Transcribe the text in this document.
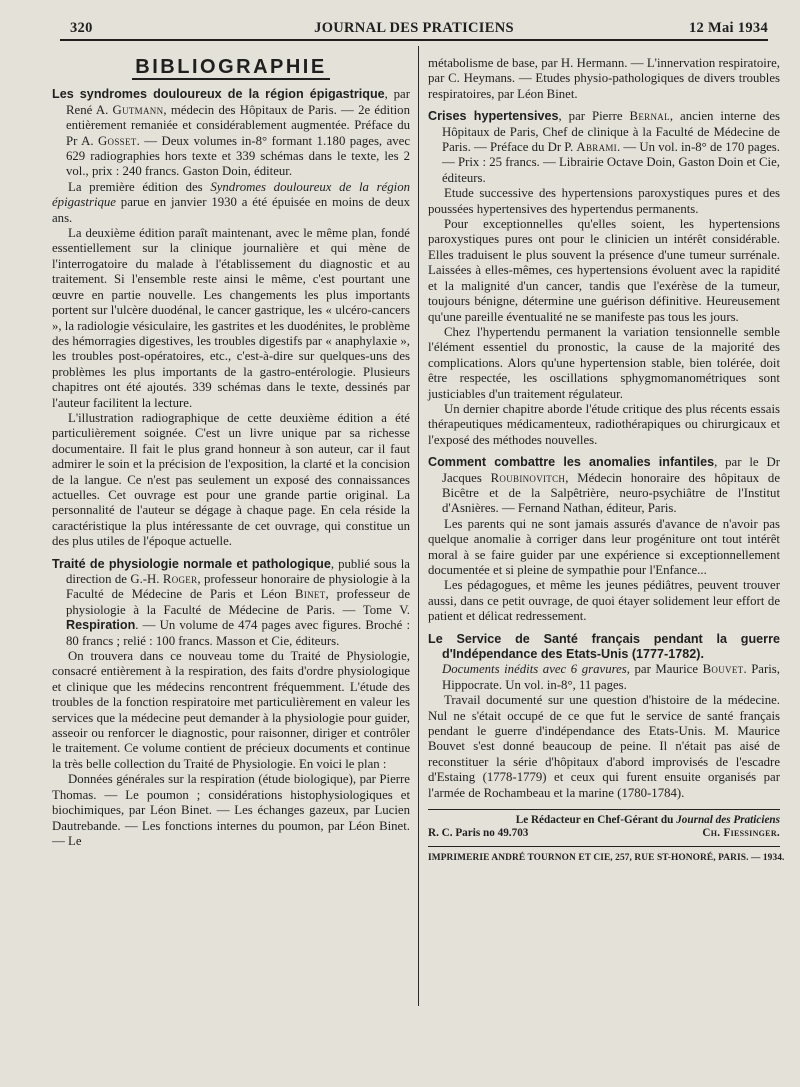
320	JOURNAL DES PRATICIENS	12 Mai 1934
BIBLIOGRAPHIE

Les syndromes douloureux de la région épigastrique, par René A. Gutmann, médecin des Hôpitaux de Paris. — 2e édition entièrement remaniée et considérablement augmentée. Préface du Pr A. Gosset. — Deux volumes in-8° formant 1.180 pages, avec 629 radiographies hors texte et 339 schémas dans le texte, les 2 vol., prix : 240 francs. Gaston Doin, éditeur.

La première édition des Syndromes douloureux de la région épigastrique parue en janvier 1930 a été épuisée en moins de deux ans.

La deuxième édition paraît maintenant, avec le même plan, fondé essentiellement sur la clinique journalière et qui mène de l'interrogatoire du malade à l'établissement du diagnostic et au traitement. Si l'ensemble reste ainsi le même, c'est pourtant une œuvre en partie nouvelle. Les changements les plus importants portent sur l'ulcère duodénal, le cancer gastrique, les « ulcéro-cancers », la radiologie vésiculaire, les gastrites et les duodénites, le problème des hémorragies digestives, les troubles digestifs par « anaphylaxie », les troubles post-opératoires, etc., c'est-à-dire sur quelques-uns des problèmes les plus importants de la gastro-entérologie. Plusieurs chapitres ont été ajoutés. 339 schémas dans le texte, dessinés par l'auteur facilitent la lecture.

L'illustration radiographique de cette deuxième édition a été particulièrement soignée. C'est un livre unique par sa richesse documentaire. Il fait le plus grand honneur à son auteur, car il faut admirer le soin et la précision de l'exposition, la clarté et la concision de la langue. Ce n'est pas seulement un exposé des connaissances actuelles. Cet ouvrage est pour une grande partie original. La personnalité de l'auteur se dégage à chaque page. En cela réside la caractéristique la plus intéressante de cet ouvrage, qui constitue un des plus utiles de l'époque actuelle.

Traité de physiologie normale et pathologique, publié sous la direction de G.-H. Roger, professeur honoraire de physiologie à la Faculté de Médecine de Paris et Léon Binet, professeur de physiologie à la Faculté de Médecine de Paris. — Tome V. Respiration. — Un volume de 474 pages avec figures. Broché : 80 francs ; relié : 100 francs. Masson et Cie, éditeurs.

On trouvera dans ce nouveau tome du Traité de Physiologie, consacré entièrement à la respiration, des faits d'ordre physiologique et clinique que les médecins rencontrent fréquemment. L'étude des troubles de la fonction respiratoire met particulièrement en valeur les services que la médecine peut demander à la physiologie pour guider, asseoir ou renforcer le diagnostic, pour raisonner, diriger et contrôler le traitement. Ce volume contient de précieux documents et continue la très belle collection du Traité de Physiologie. En voici le plan :

Données générales sur la respiration (étude biologique), par Pierre Thomas. — Le poumon ; considérations histophysiologiques et biochimiques, par Léon Binet. — Les échanges gazeux, par Lucien Dautrebande. — Les fonctions internes du poumon, par Léon Binet. — Le

métabolisme de base, par H. Hermann. — L'innervation respiratoire, par C. Heymans. — Etudes physio-pathologiques de divers troubles respiratoires, par Léon Binet.

Crises hypertensives, par Pierre Bernal, ancien interne des Hôpitaux de Paris, Chef de clinique à la Faculté de Médecine de Paris. — Préface du Dr P. Abrami. — Un vol. in-8° de 170 pages. — Prix : 25 francs. — Librairie Octave Doin, Gaston Doin et Cie, éditeurs.

Etude successive des hypertensions paroxystiques pures et des poussées hypertensives des hypertendus permanents.

Pour exceptionnelles qu'elles soient, les hypertensions paroxystiques pures ont pour le clinicien un intérêt considérable. Elles traduisent le plus souvent la présence d'une tumeur surrénale. Laissées à elles-mêmes, ces hypertensions évoluent avec la rapidité et la malignité d'un cancer, tandis que l'exérèse de la tumeur, toujours bénigne, détermine une guérison définitive. Heureusement qu'une pareille éventualité ne se manifeste pas tous les jours.

Chez l'hypertendu permanent la variation tensionnelle semble l'élément essentiel du pronostic, la cause de la majorité des complications. Alors qu'une hypertension stable, bien tolérée, doit être respectée, les oscillations sphygmomanométriques sont justiciables d'un traitement régulateur.

Un dernier chapitre aborde l'étude critique des plus récents essais thérapeutiques médicamenteux, radiothérapiques ou chirurgicaux et l'exposé des méthodes nouvelles.

Comment combattre les anomalies infantiles, par le Dr Jacques Roubinovitch, Médecin honoraire des hôpitaux de Bicêtre et de la Salpêtrière, neuro-psychiâtre de l'Institut d'Asnières. — Fernand Nathan, éditeur, Paris.

Les parents qui ne sont jamais assurés d'avance de n'avoir pas quelque anomalie à corriger dans leur progéniture ont tout intérêt moral à se faire guider par une expérience si exceptionnellement documentée et si pleine de sympathie pour l'Enfance...

Les pédagogues, et même les jeunes pédiâtres, peuvent trouver aussi, dans ce petit ouvrage, de quoi étayer solidement leur effort de patient et délicat redressement.

Le Service de Santé français pendant la guerre d'Indépendance des Etats-Unis (1777-1782).
Documents inédits avec 6 gravures, par Maurice Bouvet. Paris, Hippocrate. Un vol. in-8°, 11 pages.

Travail documenté sur une question d'histoire de la médecine. Nul ne s'était occupé de ce que fut le service de santé français pendant le guerre d'indépendance des Etats-Unis. M. Maurice Bouvet s'est donné beaucoup de peine. Il n'était pas aisé de reconstituer la série d'hôpitaux d'abord improvisés de l'escadre d'Estaing (1778-1779) et ceux qui furent ensuite organisés par l'armée de Rochambeau et la marine (1780-1784).

Le Rédacteur en Chef-Gérant du Journal des Praticiens
R. C. Paris no 49.703	Ch. Fiessinger.
IMPRIMERIE ANDRÉ TOURNON ET CIE, 257, RUE ST-HONORÉ, PARIS. — 1934.
